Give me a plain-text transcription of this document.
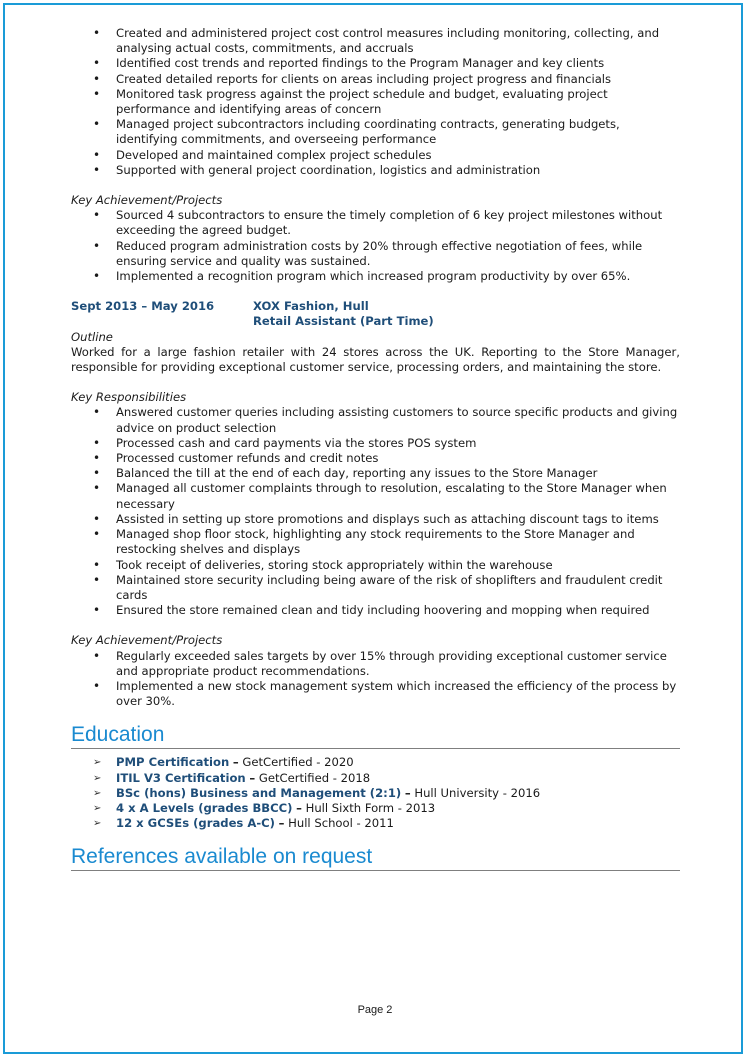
• Created and administered project cost control measures including monitoring, collecting, and analysing actual costs, commitments, and accruals
• Identified cost trends and reported findings to the Program Manager and key clients
• Created detailed reports for clients on areas including project progress and financials
• Monitored task progress against the project schedule and budget, evaluating project performance and identifying areas of concern
• Managed project subcontractors including coordinating contracts, generating budgets, identifying commitments, and overseeing performance
• Developed and maintained complex project schedules
• Supported with general project coordination, logistics and administration
Key Achievement/Projects
• Sourced 4 subcontractors to ensure the timely completion of 6 key project milestones without exceeding the agreed budget.
• Reduced program administration costs by 20% through effective negotiation of fees, while ensuring service and quality was sustained.
• Implemented a recognition program which increased program productivity by over 65%.
Sept 2013 – May 2016	XOX Fashion, Hull
Retail Assistant (Part Time)
Outline
Worked for a large fashion retailer with 24 stores across the UK. Reporting to the Store Manager, responsible for providing exceptional customer service, processing orders, and maintaining the store.
Key Responsibilities
• Answered customer queries including assisting customers to source specific products and giving advice on product selection
• Processed cash and card payments via the stores POS system
• Processed customer refunds and credit notes
• Balanced the till at the end of each day, reporting any issues to the Store Manager
• Managed all customer complaints through to resolution, escalating to the Store Manager when necessary
• Assisted in setting up store promotions and displays such as attaching discount tags to items
• Managed shop floor stock, highlighting any stock requirements to the Store Manager and restocking shelves and displays
• Took receipt of deliveries, storing stock appropriately within the warehouse
• Maintained store security including being aware of the risk of shoplifters and fraudulent credit cards
• Ensured the store remained clean and tidy including hoovering and mopping when required
Key Achievement/Projects
• Regularly exceeded sales targets by over 15% through providing exceptional customer service and appropriate product recommendations.
• Implemented a new stock management system which increased the efficiency of the process by over 30%.
Education
➢ PMP Certification – GetCertified - 2020
➢ ITIL V3 Certification – GetCertified - 2018
➢ BSc (hons) Business and Management (2:1) – Hull University - 2016
➢ 4 x A Levels (grades BBCC) – Hull Sixth Form - 2013
➢ 12 x GCSEs (grades A-C) – Hull School - 2011
References available on request
Page 2
